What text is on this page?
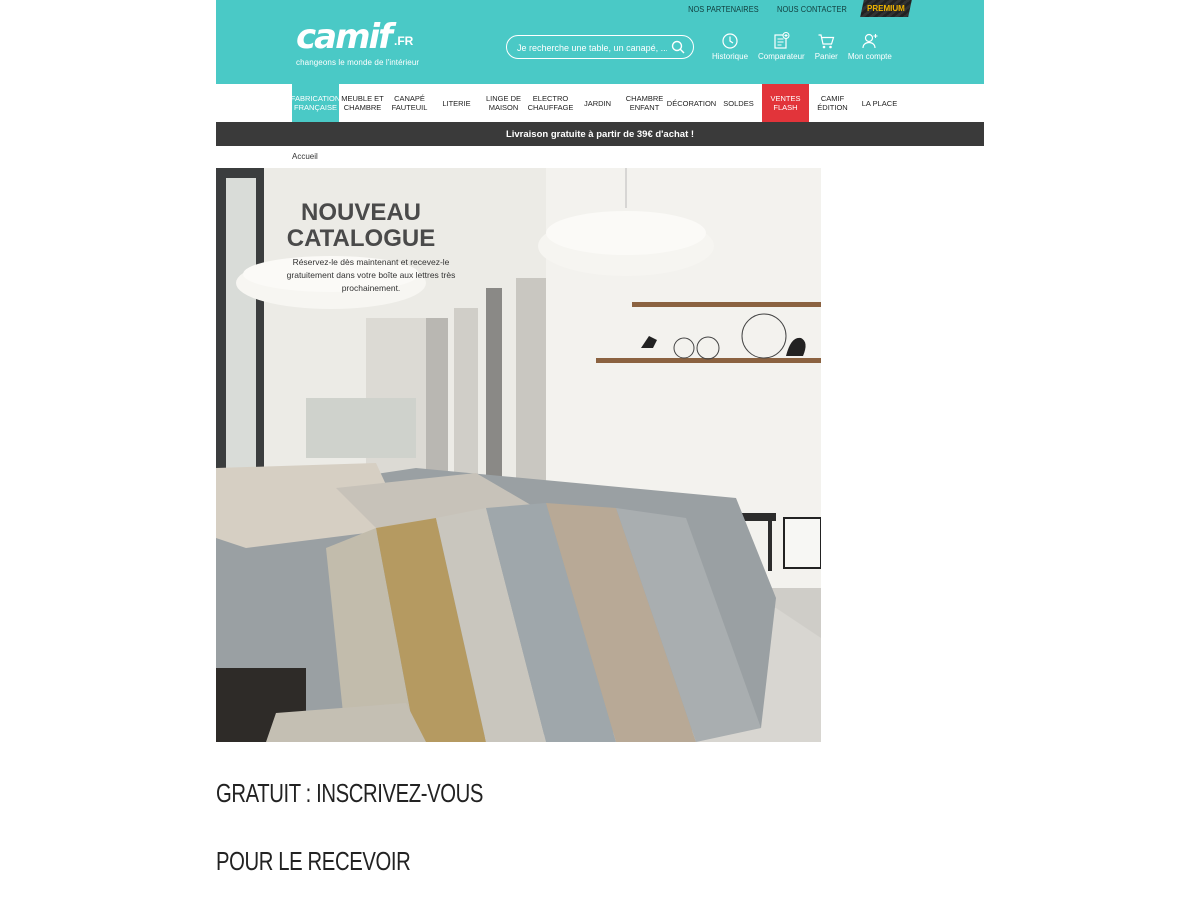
NOS PARTENAIRES	NOUS CONTACTER	PREMIUM
camif .FR
changeons le monde de l'intérieur
Je recherche une table, un canapé, ...
Historique Comparateur Panier Mon compte
FABRICATION FRANÇAISE
MEUBLE ET CHAMBRE
CANAPÉ FAUTEUIL	LITERIE	LINGE DE MAISON
ELECTRO CHAUFFAGE	JARDIN	CHAMBRE ENFANT DÉCORATION SOLDES	VENTES FLASH
CAMIF ÉDITION	LA PLACE
Livraison gratuite à partir de 39€ d'achat !
Accueil
NOUVEAU
CATALOGUE
Réservez-le dès maintenant et recevez-le gratuitement dans votre boîte aux lettres très prochainement.
GRATUIT : INSCRIVEZ-VOUS
POUR LE RECEVOIR
